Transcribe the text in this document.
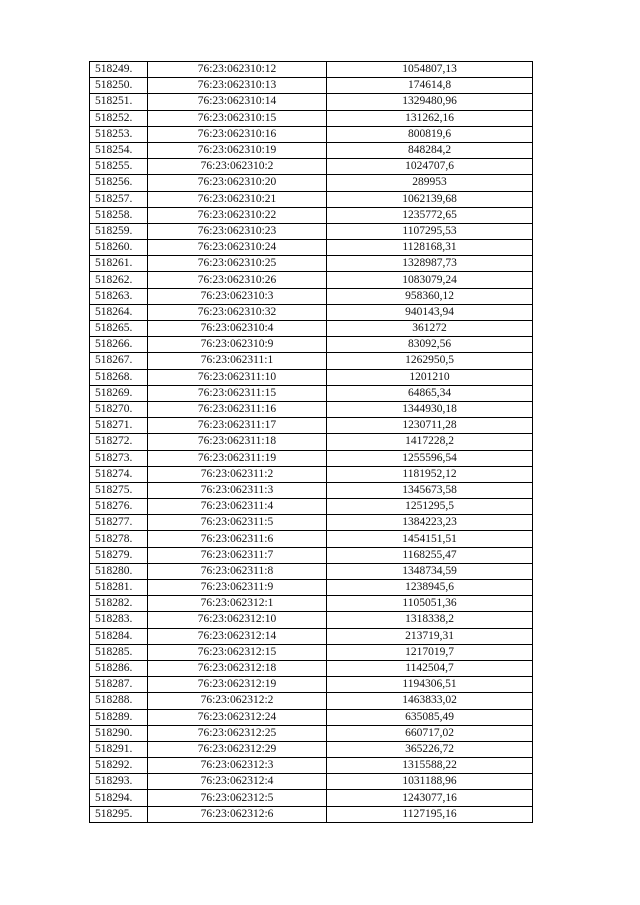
518249.	76:23:062310:12	1054807,13
518250.	76:23:062310:13	174614,8
518251.	76:23:062310:14	1329480,96
518252.	76:23:062310:15	131262,16
518253.	76:23:062310:16	800819,6
518254.	76:23:062310:19	848284,2
518255.	76:23:062310:2	1024707,6
518256.	76:23:062310:20	289953
518257.	76:23:062310:21	1062139,68
518258.	76:23:062310:22	1235772,65
518259.	76:23:062310:23	1107295,53
518260.	76:23:062310:24	1128168,31
518261.	76:23:062310:25	1328987,73
518262.	76:23:062310:26	1083079,24
518263.	76:23:062310:3	958360,12
518264.	76:23:062310:32	940143,94
518265.	76:23:062310:4	361272
518266.	76:23:062310:9	83092,56
518267.	76:23:062311:1	1262950,5
518268.	76:23:062311:10	1201210
518269.	76:23:062311:15	64865,34
518270.	76:23:062311:16	1344930,18
518271.	76:23:062311:17	1230711,28
518272.	76:23:062311:18	1417228,2
518273.	76:23:062311:19	1255596,54
518274.	76:23:062311:2	1181952,12
518275.	76:23:062311:3	1345673,58
518276.	76:23:062311:4	1251295,5
518277.	76:23:062311:5	1384223,23
518278.	76:23:062311:6	1454151,51
518279.	76:23:062311:7	1168255,47
518280.	76:23:062311:8	1348734,59
518281.	76:23:062311:9	1238945,6
518282.	76:23:062312:1	1105051,36
518283.	76:23:062312:10	1318338,2
518284.	76:23:062312:14	213719,31
518285.	76:23:062312:15	1217019,7
518286.	76:23:062312:18	1142504,7
518287.	76:23:062312:19	1194306,51
518288.	76:23:062312:2	1463833,02
518289.	76:23:062312:24	635085,49
518290.	76:23:062312:25	660717,02
518291.	76:23:062312:29	365226,72
518292.	76:23:062312:3	1315588,22
518293.	76:23:062312:4	1031188,96
518294.	76:23:062312:5	1243077,16
518295.	76:23:062312:6	1127195,16
